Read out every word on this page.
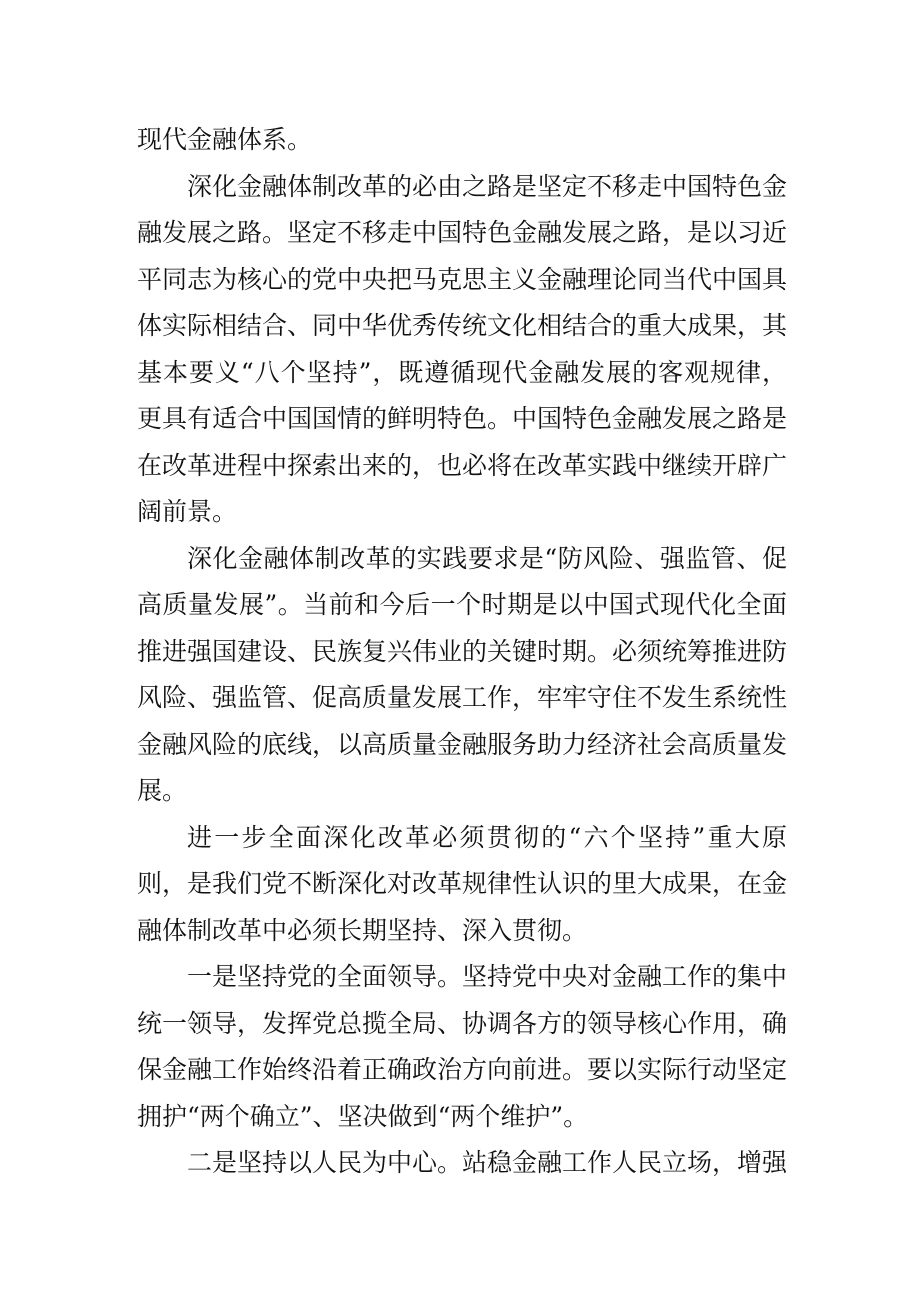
现代金融体系。

深化金融体制改革的必由之路是坚定不移走中国特色金融发展之路。坚定不移走中国特色金融发展之路，是以习近平同志为核心的党中央把马克思主义金融理论同当代中国具体实际相结合、同中华优秀传统文化相结合的重大成果，其基本要义“八个坚持”，既遵循现代金融发展的客观规律，更具有适合中国国情的鲜明特色。中国特色金融发展之路是在改革进程中探索出来的，也必将在改革实践中继续开辟广阔前景。

深化金融体制改革的实践要求是“防风险、强监管、促高质量发展”。当前和今后一个时期是以中国式现代化全面推进强国建设、民族复兴伟业的关键时期。必须统筹推进防风险、强监管、促高质量发展工作，牢牢守住不发生系统性金融风险的底线，以高质量金融服务助力经济社会高质量发展。

进一步全面深化改革必须贯彻的“六个坚持”重大原则，是我们党不断深化对改革规律性认识的里大成果，在金融体制改革中必须长期坚持、深入贯彻。

一是坚持党的全面领导。坚持党中央对金融工作的集中统一领导，发挥党总揽全局、协调各方的领导核心作用，确保金融工作始终沿着正确政治方向前进。要以实际行动坚定拥护“两个确立”、坚决做到“两个维护”。

二是坚持以人民为中心。站稳金融工作人民立场，增强
